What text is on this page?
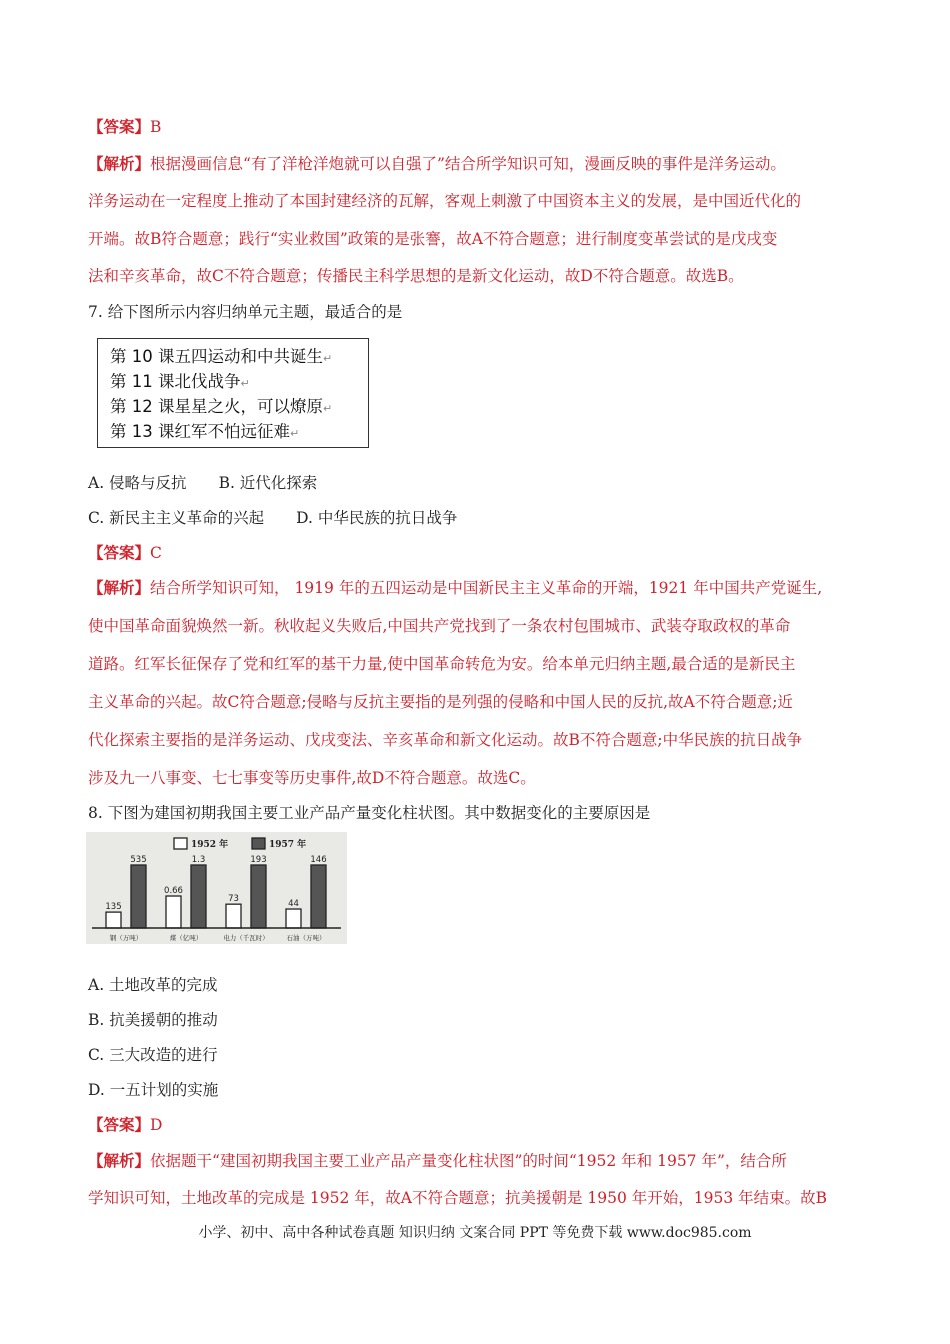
【答案】B
【解析】根据漫画信息“有了洋枪洋炮就可以自强了”结合所学知识可知，漫画反映的事件是洋务运动。
洋务运动在一定程度上推动了本国封建经济的瓦解，客观上刺激了中国资本主义的发展，是中国近代化的
开端。故B符合题意；践行“实业救国”政策的是张謇，故A不符合题意；进行制度变革尝试的是戊戌变
法和辛亥革命，故C不符合题意；传播民主科学思想的是新文化运动，故D不符合题意。故选B。
7. 给下图所示内容归纳单元主题，最适合的是
第 10 课五四运动和中共诞生↵
第 11 课北伐战争↵
第 12 课星星之火，可以燎原↵
第 13 课红军不怕远征难↵
A. 侵略与反抗 B. 近代化探索
C. 新民主主义革命的兴起 D. 中华民族的抗日战争
【答案】C
【解析】结合所学知识可知， 1919 年的五四运动是中国新民主主义革命的开端，1921 年中国共产党诞生,
使中国革命面貌焕然一新。秋收起义失败后,中国共产党找到了一条农村包围城市、武装夺取政权的革命
道路。红军长征保存了党和红军的基干力量,使中国革命转危为安。给本单元归纳主题,最合适的是新民主
主义革命的兴起。故C符合题意;侵略与反抗主要指的是列强的侵略和中国人民的反抗,故A不符合题意;近
代化探索主要指的是洋务运动、戊戌变法、辛亥革命和新文化运动。故B不符合题意;中华民族的抗日战争
涉及九一八事变、七七事变等历史事件,故D不符合题意。故选C。
8. 下图为建国初期我国主要工业产品产量变化柱状图。其中数据变化的主要原因是
1952 年	1957 年
135
535
钢（万吨）
0.66
1.3
煤（亿吨）
73
193
电力（千瓦时）
44
146
石油（万吨）
A. 土地改革的完成
B. 抗美援朝的推动
C. 三大改造的进行
D. 一五计划的实施
【答案】D
【解析】依据题干“建国初期我国主要工业产品产量变化柱状图”的时间“1952 年和 1957 年”，结合所
学知识可知，土地改革的完成是 1952 年，故A不符合题意；抗美援朝是 1950 年开始，1953 年结束。故B
小学、初中、高中各种试卷真题 知识归纳 文案合同 PPT 等免费下载 www.doc985.com
